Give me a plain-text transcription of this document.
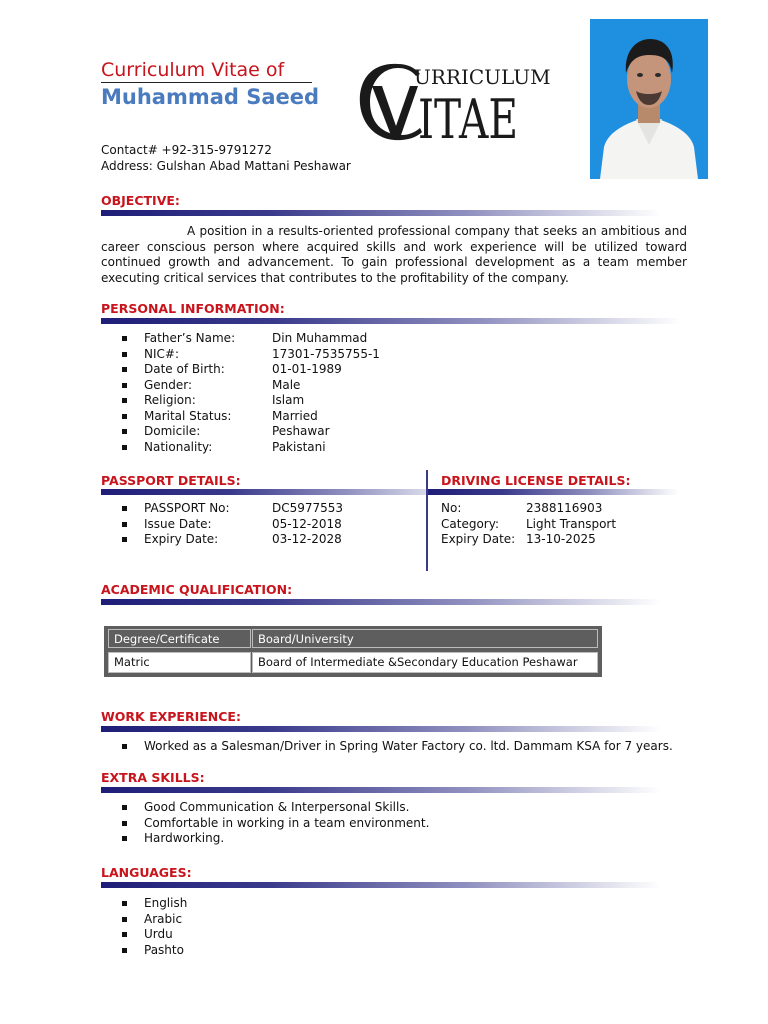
Curriculum Vitae of
Muhammad Saeed
URRICULUM
ITAE
Contact# +92-315-9791272
Address: Gulshan Abad Mattani Peshawar
OBJECTIVE:
A position in a results-oriented professional company that seeks an ambitious and career conscious person where acquired skills and work experience will be utilized toward continued growth and advancement. To gain professional development as a team member executing critical services that contributes to the profitability of the company.
PERSONAL INFORMATION:
Father’s Name:	Din Muhammad
NIC#:	17301-7535755-1
Date of Birth:	01-01-1989
Gender:	Male
Religion:	Islam
Marital Status:	Married
Domicile:	Peshawar
Nationality:	Pakistani
PASSPORT DETAILS:
PASSPORT No:	DC5977553
Issue Date:	05-12-2018
Expiry Date:	03-12-2028
DRIVING LICENSE DETAILS:
No:	2388116903
Category: Light Transport
Expiry Date: 13-10-2025
ACADEMIC QUALIFICATION:
Degree/Certificate	Board/University
Matric	Board of Intermediate &Secondary Education Peshawar
WORK EXPERIENCE:
Worked as a Salesman/Driver in Spring Water Factory co. ltd. Dammam KSA for 7 years.
EXTRA SKILLS:
Good Communication & Interpersonal Skills.
Comfortable in working in a team environment.
Hardworking.
LANGUAGES:
English
Arabic
Urdu
Pashto
